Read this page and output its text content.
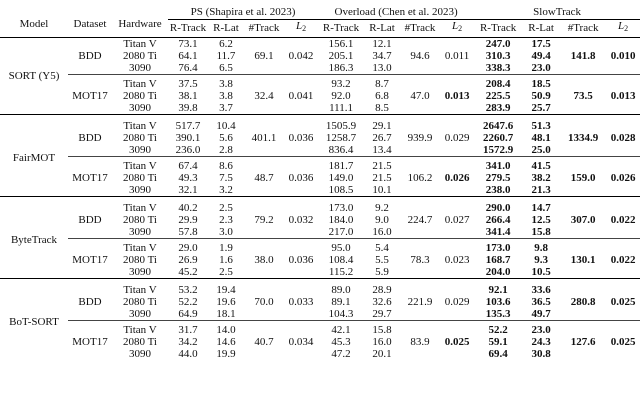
Model	Dataset	Hardware	PS (Shapira et al. 2023)				Overload (Chen et al. 2023)				SlowTrack			
			R-Track	R-Lat	#Track	$L_2$	R-Track	R-Lat	#Track	$L_2$	R-Track	R-Lat	#Track	$L_2$
SORT (Y5)	BDD	Titan V	73.1	6.2	69.1	0.042	156.1	12.1	94.6	0.011	247.0	17.5	141.8	0.010
		2080 Ti	64.1	11.7			205.1	34.7			310.3	49.4		
		3090	76.4	6.5			186.3	13.0			338.3	23.0		

	MOT17	Titan V	37.5	3.8	32.4	0.041	93.2	8.7	47.0	0.013	208.4	18.5	73.5	0.013
		2080 Ti	38.1	3.8			92.0	6.8			225.5	50.9		
		3090	39.8	3.7			111.1	8.5			283.9	25.7		

FairMOT	BDD	Titan V	517.7	10.4	401.1	0.036	1505.9	29.1	939.9	0.029	2647.6	51.3	1334.9	0.028
		2080 Ti	390.1	5.6			1258.7	26.7			2260.7	48.1		
		3090	236.0	2.8			836.4	13.4			1572.9	25.0		

	MOT17	Titan V	67.4	8.6	48.7	0.036	181.7	21.5	106.2	0.026	341.0	41.5	159.0	0.026
		2080 Ti	49.3	7.5			149.0	21.5			279.5	38.2		
		3090	32.1	3.2			108.5	10.1			238.0	21.3		

ByteTrack	BDD	Titan V	40.2	2.5	79.2	0.032	173.0	9.2	224.7	0.027	290.0	14.7	307.0	0.022
		2080 Ti	29.9	2.3			184.0	9.0			266.4	12.5		
		3090	57.8	3.0			217.0	16.0			341.4	15.8		

	MOT17	Titan V	29.0	1.9	38.0	0.036	95.0	5.4	78.3	0.023	173.0	9.8	130.1	0.022
		2080 Ti	26.9	1.6			108.4	5.5			168.7	9.3		
		3090	45.2	2.5			115.2	5.9			204.0	10.5		

BoT-SORT	BDD	Titan V	53.2	19.4	70.0	0.033	89.0	28.9	221.9	0.029	92.1	33.6	280.8	0.025
		2080 Ti	52.2	19.6			89.1	32.6			103.6	36.5		
		3090	64.9	18.1			104.3	29.7			135.3	49.7		

	MOT17	Titan V	31.7	14.0	40.7	0.034	42.1	15.8	83.9	0.025	52.2	23.0	127.6	0.025
		2080 Ti	34.2	14.6			45.3	16.0			59.1	24.3		
		3090	44.0	19.9			47.2	20.1			69.4	30.8		
